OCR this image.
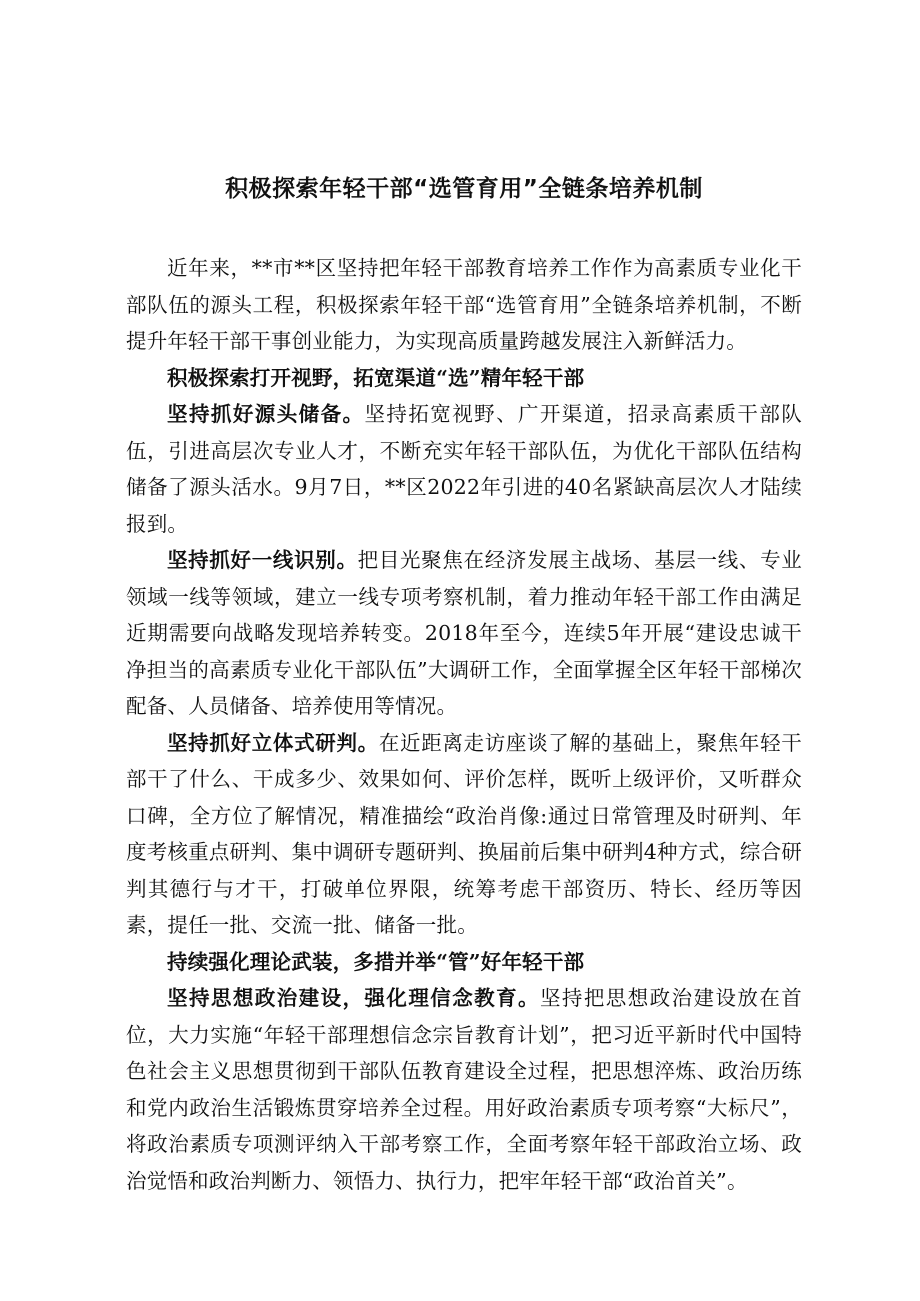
积极探索年轻干部“选管育用”全链条培养机制

近年来，**市**区坚持把年轻干部教育培养工作作为高素质专业化干部队伍的源头工程，积极探索年轻干部“选管育用”全链条培养机制，不断提升年轻干部干事创业能力，为实现高质量跨越发展注入新鲜活力。

积极探索打开视野，拓宽渠道“选”精年轻干部

坚持抓好源头储备。坚持拓宽视野、广开渠道，招录高素质干部队伍，引进高层次专业人才，不断充实年轻干部队伍，为优化干部队伍结构储备了源头活水。9月7日，**区2022年引进的40名紧缺高层次人才陆续报到。

坚持抓好一线识别。把目光聚焦在经济发展主战场、基层一线、专业领域一线等领域，建立一线专项考察机制，着力推动年轻干部工作由满足近期需要向战略发现培养转变。2018年至今，连续5年开展“建设忠诚干净担当的高素质专业化干部队伍”大调研工作，全面掌握全区年轻干部梯次配备、人员储备、培养使用等情况。

坚持抓好立体式研判。在近距离走访座谈了解的基础上，聚焦年轻干部干了什么、干成多少、效果如何、评价怎样，既听上级评价，又听群众口碑，全方位了解情况，精准描绘“政治肖像:通过日常管理及时研判、年度考核重点研判、集中调研专题研判、换届前后集中研判4种方式，综合研判其德行与才干，打破单位界限，统筹考虑干部资历、特长、经历等因素，提任一批、交流一批、储备一批。

持续强化理论武装，多措并举“管”好年轻干部

坚持思想政治建设，强化理信念教育。坚持把思想政治建设放在首位，大力实施“年轻干部理想信念宗旨教育计划”，把习近平新时代中国特色社会主义思想贯彻到干部队伍教育建设全过程，把思想淬炼、政治历练和党内政治生活锻炼贯穿培养全过程。用好政治素质专项考察“大标尺”，将政治素质专项测评纳入干部考察工作，全面考察年轻干部政治立场、政治觉悟和政治判断力、领悟力、执行力，把牢年轻干部“政治首关”。
